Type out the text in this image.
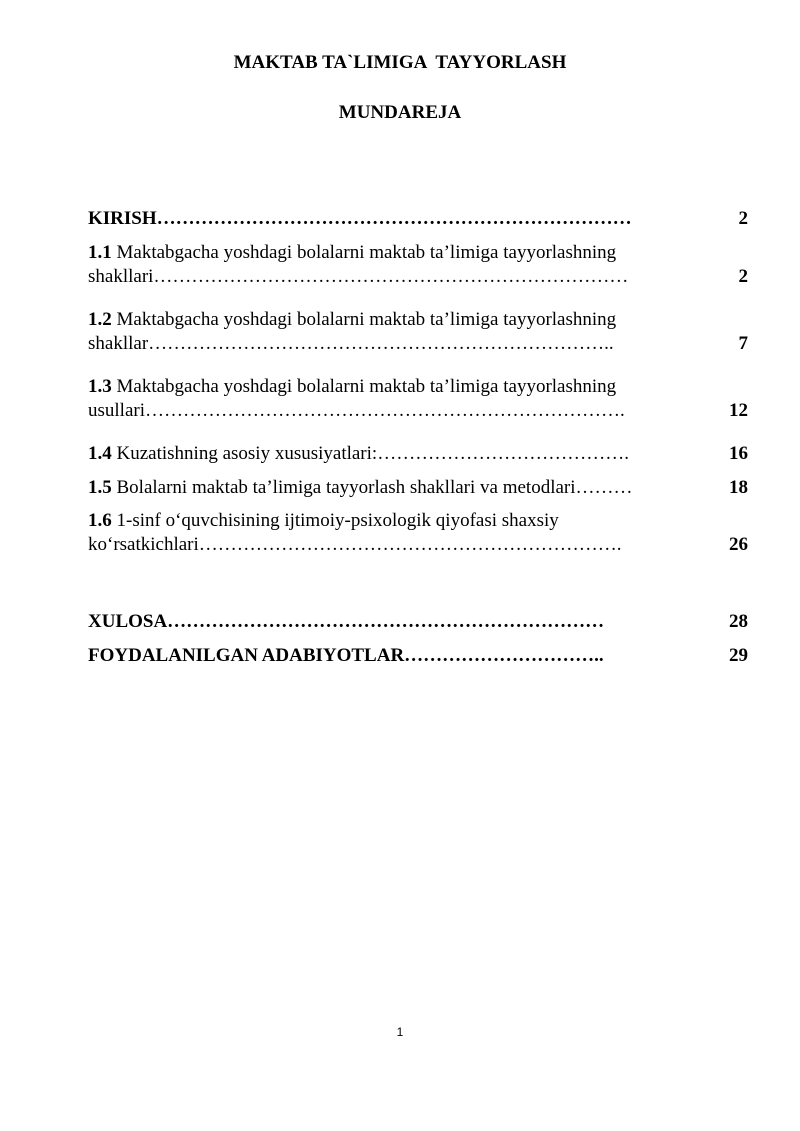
MAKTAB TA`LIMIGA  TAYYORLASH
MUNDAREJA
KIRISH…………………………………………………………………	2
1.1 Maktabgacha yoshdagi bolalarni maktab ta’limiga tayyorlashning
shakllari…………………………………………………………………	2
1.2 Maktabgacha yoshdagi bolalarni maktab ta’limiga tayyorlashning
shakllar………………………………………………………………..	7
1.3 Maktabgacha yoshdagi bolalarni maktab ta’limiga tayyorlashning
usullari………………………………………………………………….	12
1.4 Kuzatishning asosiy xususiyatlari:………………………………….	16
1.5 Bolalarni maktab ta’limiga tayyorlash shakllari va metodlari………	18
1.6 1-sinf o‘quvchisining ijtimoiy-psixologik qiyofasi shaxsiy
ko‘rsatkichlari………………………………………………………….	26
XULOSA……………………………………………………………	28
FOYDALANILGAN ADABIYOTLAR…………………………..	29
1
